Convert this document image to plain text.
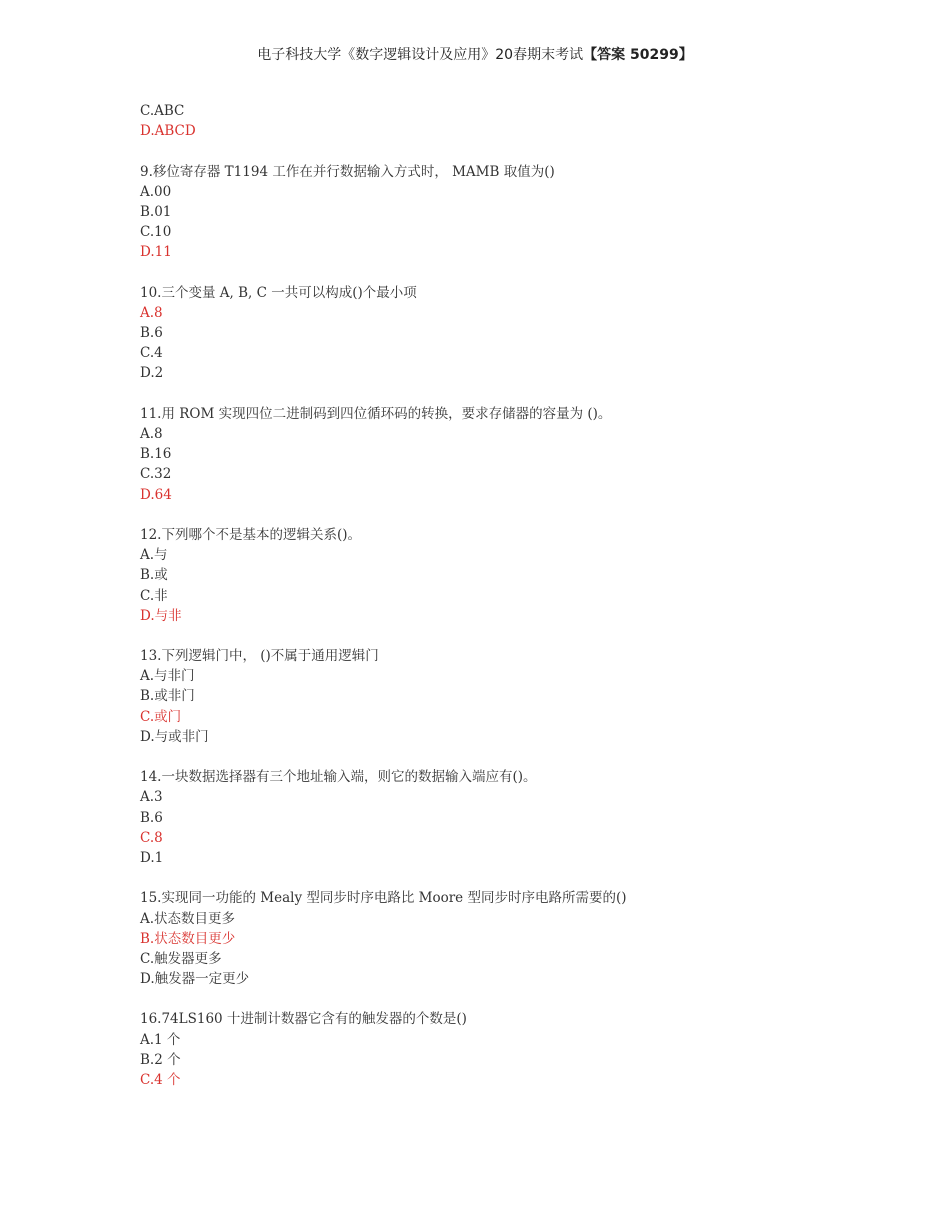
电子科技大学《数字逻辑设计及应用》20春期末考试【答案 50299】
C.ABC
D.ABCD
9.移位寄存器 T1194 工作在并行数据输入方式时， MAMB 取值为()
A.00
B.01
C.10
D.11
10.三个变量 A, B, C 一共可以构成()个最小项
A.8
B.6
C.4
D.2
11.用 ROM 实现四位二进制码到四位循环码的转换，要求存储器的容量为 ()。
A.8
B.16
C.32
D.64
12.下列哪个不是基本的逻辑关系()。
A.与
B.或
C.非
D.与非
13.下列逻辑门中， ()不属于通用逻辑门
A.与非门
B.或非门
C.或门
D.与或非门
14.一块数据选择器有三个地址输入端，则它的数据输入端应有()。
A.3
B.6
C.8
D.1
15.实现同一功能的 Mealy 型同步时序电路比 Moore 型同步时序电路所需要的()
A.状态数目更多
B.状态数目更少
C.触发器更多
D.触发器一定更少
16.74LS160 十进制计数器它含有的触发器的个数是()
A.1 个
B.2 个
C.4 个
